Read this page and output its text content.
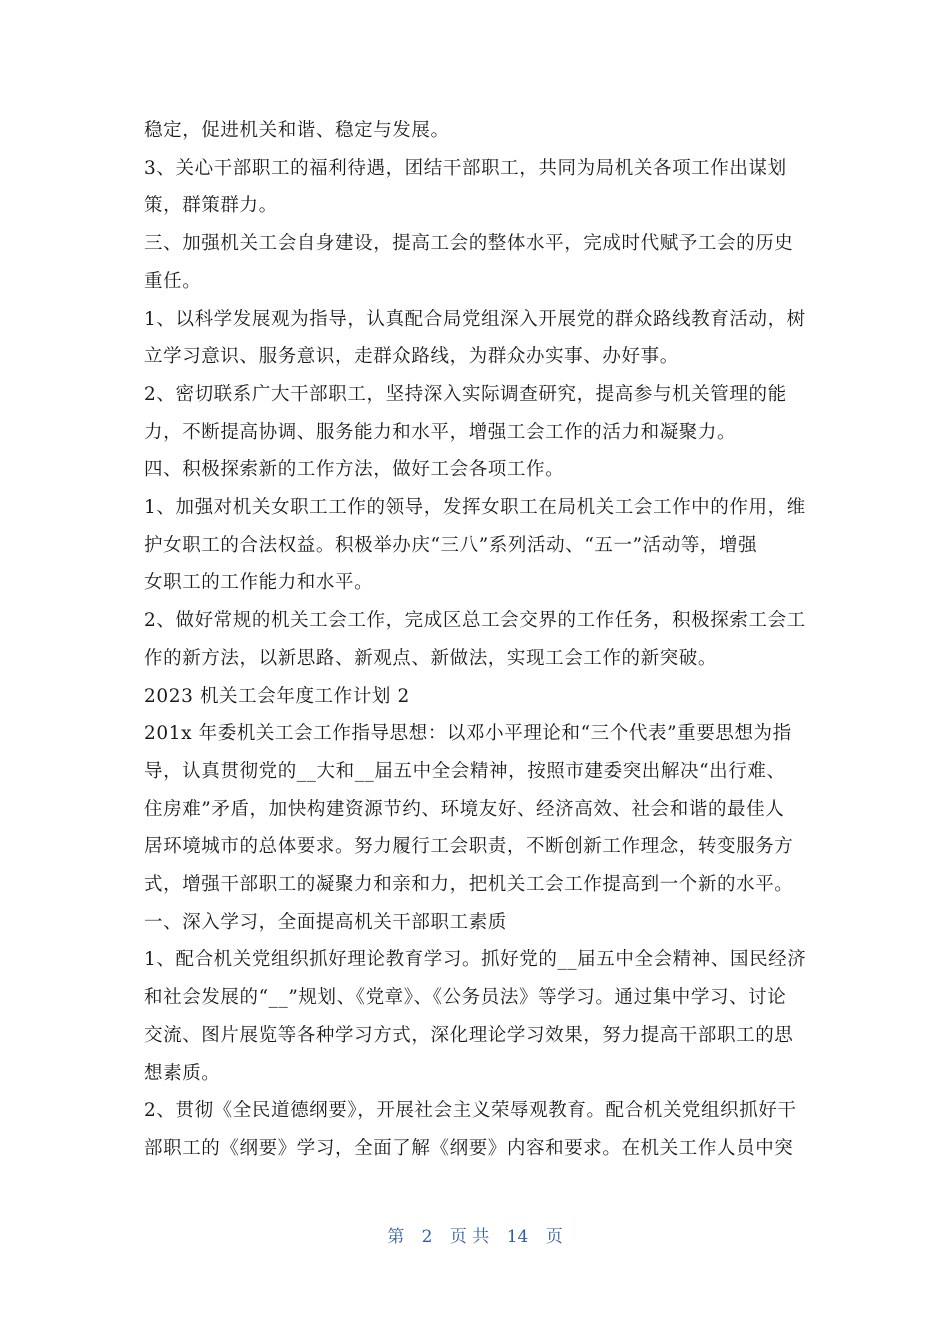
稳定，促进机关和谐、稳定与发展。
3、关心干部职工的福利待遇，团结干部职工，共同为局机关各项工作出谋划
策，群策群力。
三、加强机关工会自身建设，提高工会的整体水平，完成时代赋予工会的历史
重任。
1、以科学发展观为指导，认真配合局党组深入开展党的群众路线教育活动，树
立学习意识、服务意识，走群众路线，为群众办实事、办好事。
2、密切联系广大干部职工，坚持深入实际调查研究，提高参与机关管理的能
力，不断提高协调、服务能力和水平，增强工会工作的活力和凝聚力。
四、积极探索新的工作方法，做好工会各项工作。
1、加强对机关女职工工作的领导，发挥女职工在局机关工会工作中的作用，维
护女职工的合法权益。积极举办庆“三八”系列活动、“五一”活动等，增强
女职工的工作能力和水平。
2、做好常规的机关工会工作，完成区总工会交界的工作任务，积极探索工会工
作的新方法，以新思路、新观点、新做法，实现工会工作的新突破。
2023 机关工会年度工作计划 2
201x 年委机关工会工作指导思想：以邓小平理论和“三个代表”重要思想为指
导，认真贯彻党的__大和__届五中全会精神，按照市建委突出解决“出行难、
住房难”矛盾，加快构建资源节约、环境友好、经济高效、社会和谐的最佳人
居环境城市的总体要求。努力履行工会职责，不断创新工作理念，转变服务方
式，增强干部职工的凝聚力和亲和力，把机关工会工作提高到一个新的水平。
一、深入学习，全面提高机关干部职工素质
1、配合机关党组织抓好理论教育学习。抓好党的__届五中全会精神、国民经济
和社会发展的“__”规划、《党章》、《公务员法》等学习。通过集中学习、讨论
交流、图片展览等各种学习方式，深化理论学习效果，努力提高干部职工的思
想素质。
2、贯彻《全民道德纲要》，开展社会主义荣辱观教育。配合机关党组织抓好干
部职工的《纲要》学习，全面了解《纲要》内容和要求。在机关工作人员中突
第 2 页 共 14 页
